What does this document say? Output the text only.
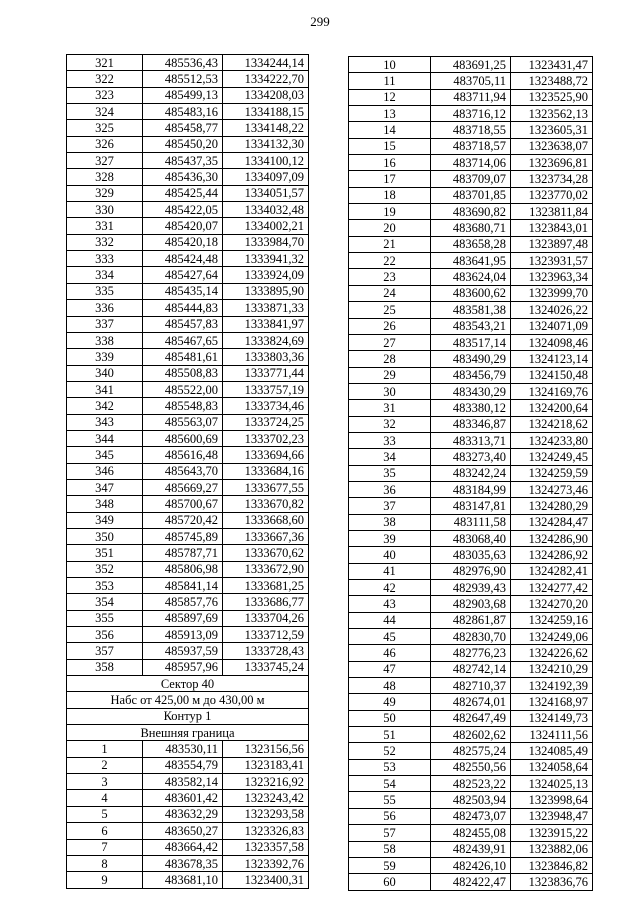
299
321	485536,43	1334244,14
322	485512,53	1334222,70
323	485499,13	1334208,03
324	485483,16	1334188,15
325	485458,77	1334148,22
326	485450,20	1334132,30
327	485437,35	1334100,12
328	485436,30	1334097,09
329	485425,44	1334051,57
330	485422,05	1334032,48
331	485420,07	1334002,21
332	485420,18	1333984,70
333	485424,48	1333941,32
334	485427,64	1333924,09
335	485435,14	1333895,90
336	485444,83	1333871,33
337	485457,83	1333841,97
338	485467,65	1333824,69
339	485481,61	1333803,36
340	485508,83	1333771,44
341	485522,00	1333757,19
342	485548,83	1333734,46
343	485563,07	1333724,25
344	485600,69	1333702,23
345	485616,48	1333694,66
346	485643,70	1333684,16
347	485669,27	1333677,55
348	485700,67	1333670,82
349	485720,42	1333668,60
350	485745,89	1333667,36
351	485787,71	1333670,62
352	485806,98	1333672,90
353	485841,14	1333681,25
354	485857,76	1333686,77
355	485897,69	1333704,26
356	485913,09	1333712,59
357	485937,59	1333728,43
358	485957,96	1333745,24
Сектор 40		
Набс от 425,00 м до 430,00 м		
Контур 1		
Внешняя граница		
1	483530,11	1323156,56
2	483554,79	1323183,41
3	483582,14	1323216,92
4	483601,42	1323243,42
5	483632,29	1323293,58
6	483650,27	1323326,83
7	483664,42	1323357,58
8	483678,35	1323392,76
9	483681,10	1323400,31
10	483691,25	1323431,47
11	483705,11	1323488,72
12	483711,94	1323525,90
13	483716,12	1323562,13
14	483718,55	1323605,31
15	483718,57	1323638,07
16	483714,06	1323696,81
17	483709,07	1323734,28
18	483701,85	1323770,02
19	483690,82	1323811,84
20	483680,71	1323843,01
21	483658,28	1323897,48
22	483641,95	1323931,57
23	483624,04	1323963,34
24	483600,62	1323999,70
25	483581,38	1324026,22
26	483543,21	1324071,09
27	483517,14	1324098,46
28	483490,29	1324123,14
29	483456,79	1324150,48
30	483430,29	1324169,76
31	483380,12	1324200,64
32	483346,87	1324218,62
33	483313,71	1324233,80
34	483273,40	1324249,45
35	483242,24	1324259,59
36	483184,99	1324273,46
37	483147,81	1324280,29
38	483111,58	1324284,47
39	483068,40	1324286,90
40	483035,63	1324286,92
41	482976,90	1324282,41
42	482939,43	1324277,42
43	482903,68	1324270,20
44	482861,87	1324259,16
45	482830,70	1324249,06
46	482776,23	1324226,62
47	482742,14	1324210,29
48	482710,37	1324192,39
49	482674,01	1324168,97
50	482647,49	1324149,73
51	482602,62	1324111,56
52	482575,24	1324085,49
53	482550,56	1324058,64
54	482523,22	1324025,13
55	482503,94	1323998,64
56	482473,07	1323948,47
57	482455,08	1323915,22
58	482439,91	1323882,06
59	482426,10	1323846,82
60	482422,47	1323836,76
